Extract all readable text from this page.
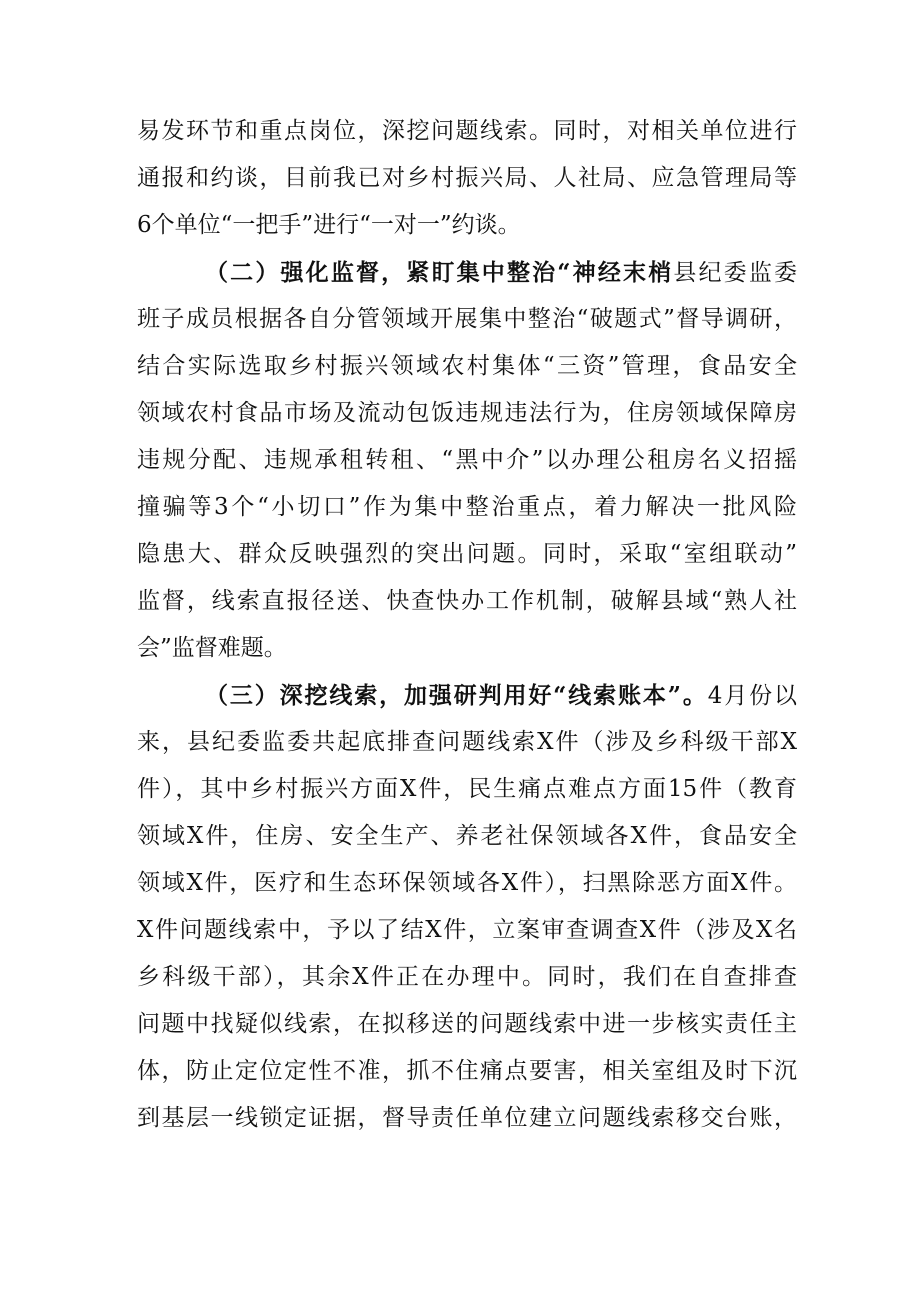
易发环节和重点岗位，深挖问题线索。同时，对相关单位进行
通报和约谈，目前我已对乡村振兴局、人社局、应急管理局等
6个单位“一把手”进行“一对一”约谈。
（二）强化监督，紧盯集中整治“神经末梢县纪委监委
班子成员根据各自分管领域开展集中整治“破题式”督导调研，
结合实际选取乡村振兴领域农村集体“三资”管理，食品安全
领域农村食品市场及流动包饭违规违法行为，住房领域保障房
违规分配、违规承租转租、“黑中介”以办理公租房名义招摇
撞骗等3个“小切口”作为集中整治重点，着力解决一批风险
隐患大、群众反映强烈的突出问题。同时，采取“室组联动”
监督，线索直报径送、快查快办工作机制，破解县域“熟人社
会”监督难题。
（三）深挖线索，加强研判用好“线索账本”。4月份以
来，县纪委监委共起底排查问题线索X件（涉及乡科级干部X
件），其中乡村振兴方面X件，民生痛点难点方面15件（教育
领域X件，住房、安全生产、养老社保领域各X件，食品安全
领域X件，医疗和生态环保领域各X件），扫黑除恶方面X件。
X件问题线索中，予以了结X件，立案审查调查X件（涉及X名
乡科级干部），其余X件正在办理中。同时，我们在自查排查
问题中找疑似线索，在拟移送的问题线索中进一步核实责任主
体，防止定位定性不准，抓不住痛点要害，相关室组及时下沉
到基层一线锁定证据，督导责任单位建立问题线索移交台账，
